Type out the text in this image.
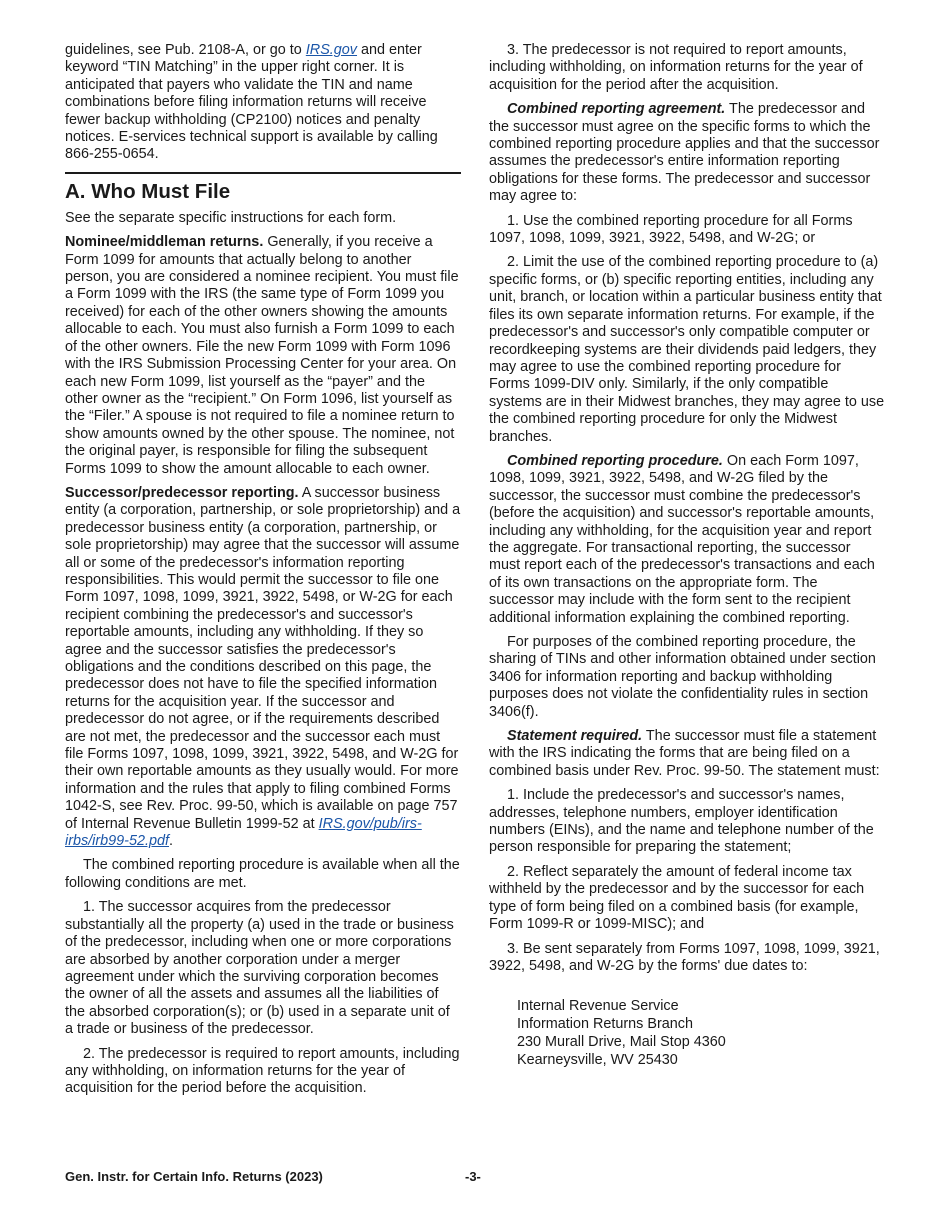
guidelines, see Pub. 2108-A, or go to IRS.gov and enter keyword “TIN Matching” in the upper right corner. It is anticipated that payers who validate the TIN and name combinations before filing information returns will receive fewer backup withholding (CP2100) notices and penalty notices. E-services technical support is available by calling 866-255-0654.

A. Who Must File

See the separate specific instructions for each form.

Nominee/middleman returns. Generally, if you receive a Form 1099 for amounts that actually belong to another person, you are considered a nominee recipient. You must file a Form 1099 with the IRS (the same type of Form 1099 you received) for each of the other owners showing the amounts allocable to each. You must also furnish a Form 1099 to each of the other owners. File the new Form 1099 with Form 1096 with the IRS Submission Processing Center for your area. On each new Form 1099, list yourself as the “payer” and the other owner as the “recipient.” On Form 1096, list yourself as the “Filer.” A spouse is not required to file a nominee return to show amounts owned by the other spouse. The nominee, not the original payer, is responsible for filing the subsequent Forms 1099 to show the amount allocable to each owner.

Successor/predecessor reporting. A successor business entity (a corporation, partnership, or sole proprietorship) and a predecessor business entity (a corporation, partnership, or sole proprietorship) may agree that the successor will assume all or some of the predecessor's information reporting responsibilities. This would permit the successor to file one Form 1097, 1098, 1099, 3921, 3922, 5498, or W-2G for each recipient combining the predecessor's and successor's reportable amounts, including any withholding. If they so agree and the successor satisfies the predecessor's obligations and the conditions described on this page, the predecessor does not have to file the specified information returns for the acquisition year. If the successor and predecessor do not agree, or if the requirements described are not met, the predecessor and the successor each must file Forms 1097, 1098, 1099, 3921, 3922, 5498, and W-2G for their own reportable amounts as they usually would. For more information and the rules that apply to filing combined Forms 1042-S, see Rev. Proc. 99-50, which is available on page 757 of Internal Revenue Bulletin 1999-52 at IRS.gov/pub/irs-irbs/irb99-52.pdf.

The combined reporting procedure is available when all the following conditions are met.

1. The successor acquires from the predecessor substantially all the property (a) used in the trade or business of the predecessor, including when one or more corporations are absorbed by another corporation under a merger agreement under which the surviving corporation becomes the owner of all the assets and assumes all the liabilities of the absorbed corporation(s); or (b) used in a separate unit of a trade or business of the predecessor.

2. The predecessor is required to report amounts, including any withholding, on information returns for the year of acquisition for the period before the acquisition.

3. The predecessor is not required to report amounts, including withholding, on information returns for the year of acquisition for the period after the acquisition.

Combined reporting agreement. The predecessor and the successor must agree on the specific forms to which the combined reporting procedure applies and that the successor assumes the predecessor's entire information reporting obligations for these forms. The predecessor and successor may agree to:

1. Use the combined reporting procedure for all Forms 1097, 1098, 1099, 3921, 3922, 5498, and W-2G; or

2. Limit the use of the combined reporting procedure to (a) specific forms, or (b) specific reporting entities, including any unit, branch, or location within a particular business entity that files its own separate information returns. For example, if the predecessor's and successor's only compatible computer or recordkeeping systems are their dividends paid ledgers, they may agree to use the combined reporting procedure for Forms 1099-DIV only. Similarly, if the only compatible systems are in their Midwest branches, they may agree to use the combined reporting procedure for only the Midwest branches.

Combined reporting procedure. On each Form 1097, 1098, 1099, 3921, 3922, 5498, and W-2G filed by the successor, the successor must combine the predecessor's (before the acquisition) and successor's reportable amounts, including any withholding, for the acquisition year and report the aggregate. For transactional reporting, the successor must report each of the predecessor's transactions and each of its own transactions on the appropriate form. The successor may include with the form sent to the recipient additional information explaining the combined reporting.

For purposes of the combined reporting procedure, the sharing of TINs and other information obtained under section 3406 for information reporting and backup withholding purposes does not violate the confidentiality rules in section 3406(f).

Statement required. The successor must file a statement with the IRS indicating the forms that are being filed on a combined basis under Rev. Proc. 99-50. The statement must:

1. Include the predecessor's and successor's names, addresses, telephone numbers, employer identification numbers (EINs), and the name and telephone number of the person responsible for preparing the statement;

2. Reflect separately the amount of federal income tax withheld by the predecessor and by the successor for each type of form being filed on a combined basis (for example, Form 1099-R or 1099-MISC); and

3. Be sent separately from Forms 1097, 1098, 1099, 3921, 3922, 5498, and W-2G by the forms' due dates to:

Internal Revenue Service
Information Returns Branch
230 Murall Drive, Mail Stop 4360
Kearneysville, WV 25430
Gen. Instr. for Certain Info. Returns (2023)	-3-
